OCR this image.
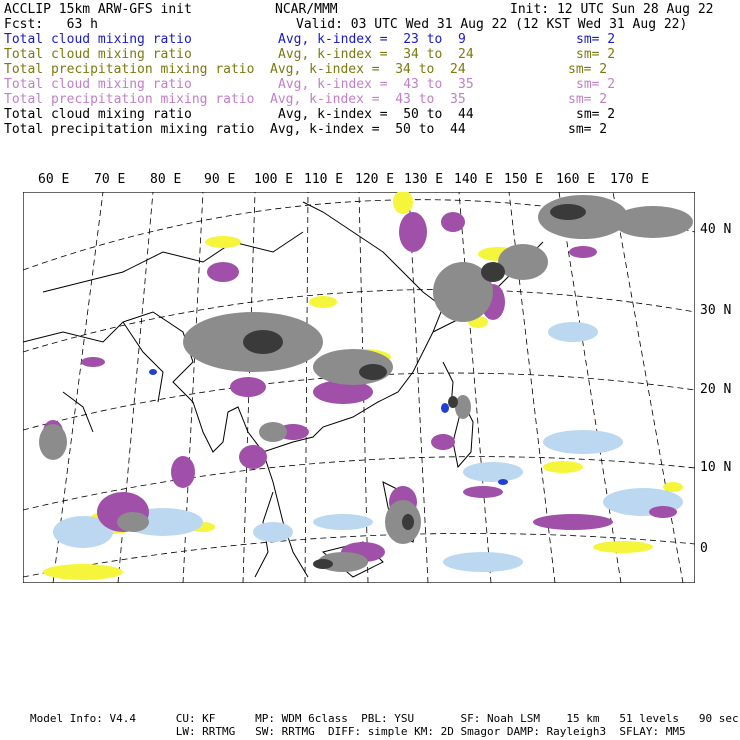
ACCLIP 15km ARW-GFS init	NCAR/MMM	Init: 12 UTC Sun 28 Aug 22
Fcst:   63 h	Valid: 03 UTC Wed 31 Aug 22 (12 KST Wed 31 Aug 22)
Total cloud mixing ratio	Avg, k-index =  23 to  9	sm= 2
Total cloud mixing ratio	Avg, k-index =  34 to  24	sm= 2
Total precipitation mixing ratio Avg, k-index =  34 to  24	sm= 2
Total cloud mixing ratio	Avg, k-index =  43 to  35	sm= 2
Total precipitation mixing ratio Avg, k-index =  43 to  35	sm= 2
Total cloud mixing ratio	Avg, k-index =  50 to  44	sm= 2
Total precipitation mixing ratio Avg, k-index =  50 to  44	sm= 2
60 E 70 E 80 E 90 E 100 E 110 E 120 E 130 E 140 E 150 E 160 E 170 E
40 N
30 N
20 N
10 N
0
Model Info: V4.4      CU: KF      MP: WDM 6class  PBL: YSU       SF: Noah LSM    15 km   51 levels   90 sec
LW: RRTMG   SW: RRTMG  DIFF: simple KM: 2D Smagor DAMP: Rayleigh3  SFLAY: MM5
